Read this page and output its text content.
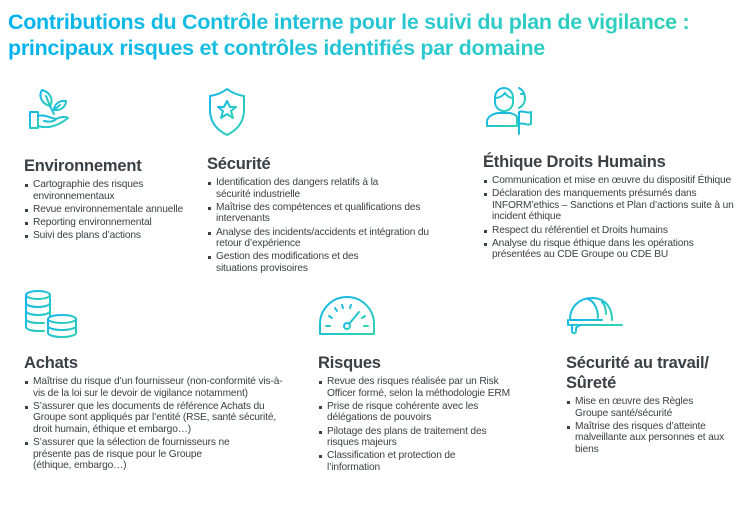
Contributions du Contrôle interne pour le suivi du plan de vigilance : principaux risques et contrôles identifiés par domaine
Environnement
Cartographie des risques environnementaux
Revue environnementale annuelle
Reporting environnemental
Suivi des plans d’actions
Sécurité
Identification des dangers relatifs à la sécurité industrielle
Maîtrise des compétences et qualifications des intervenants
Analyse des incidents/accidents et intégration du retour d’expérience
Gestion des modifications et des situations provisoires
Éthique Droits Humains
Communication et mise en œuvre du dispositif Éthique
Déclaration des manquements présumés dans INFORM’ethics – Sanctions et Plan d’actions suite à un incident éthique
Respect du référentiel et Droits humains
Analyse du risque éthique dans les opérations présentées au CDE Groupe ou CDE BU
Achats
Maîtrise du risque d’un fournisseur (non-conformité vis-à-vis de la loi sur le devoir de vigilance notamment)
S’assurer que les documents de référence Achats du Groupe sont appliqués par l’entité (RSE, santé sécurité, droit humain, éthique et embargo…)
S’assurer que la sélection de fournisseurs ne présente pas de risque pour le Groupe (éthique, embargo…)
Risques
Revue des risques réalisée par un Risk Officer formé, selon la méthodologie ERM
Prise de risque cohérente avec les délégations de pouvoirs
Pilotage des plans de traitement des risques majeurs
Classification et protection de l’information
Sécurité au travail/ Sûreté
Mise en œuvre des Règles Groupe santé/sécurité
Maîtrise des risques d’atteinte malveillante aux personnes et aux biens
